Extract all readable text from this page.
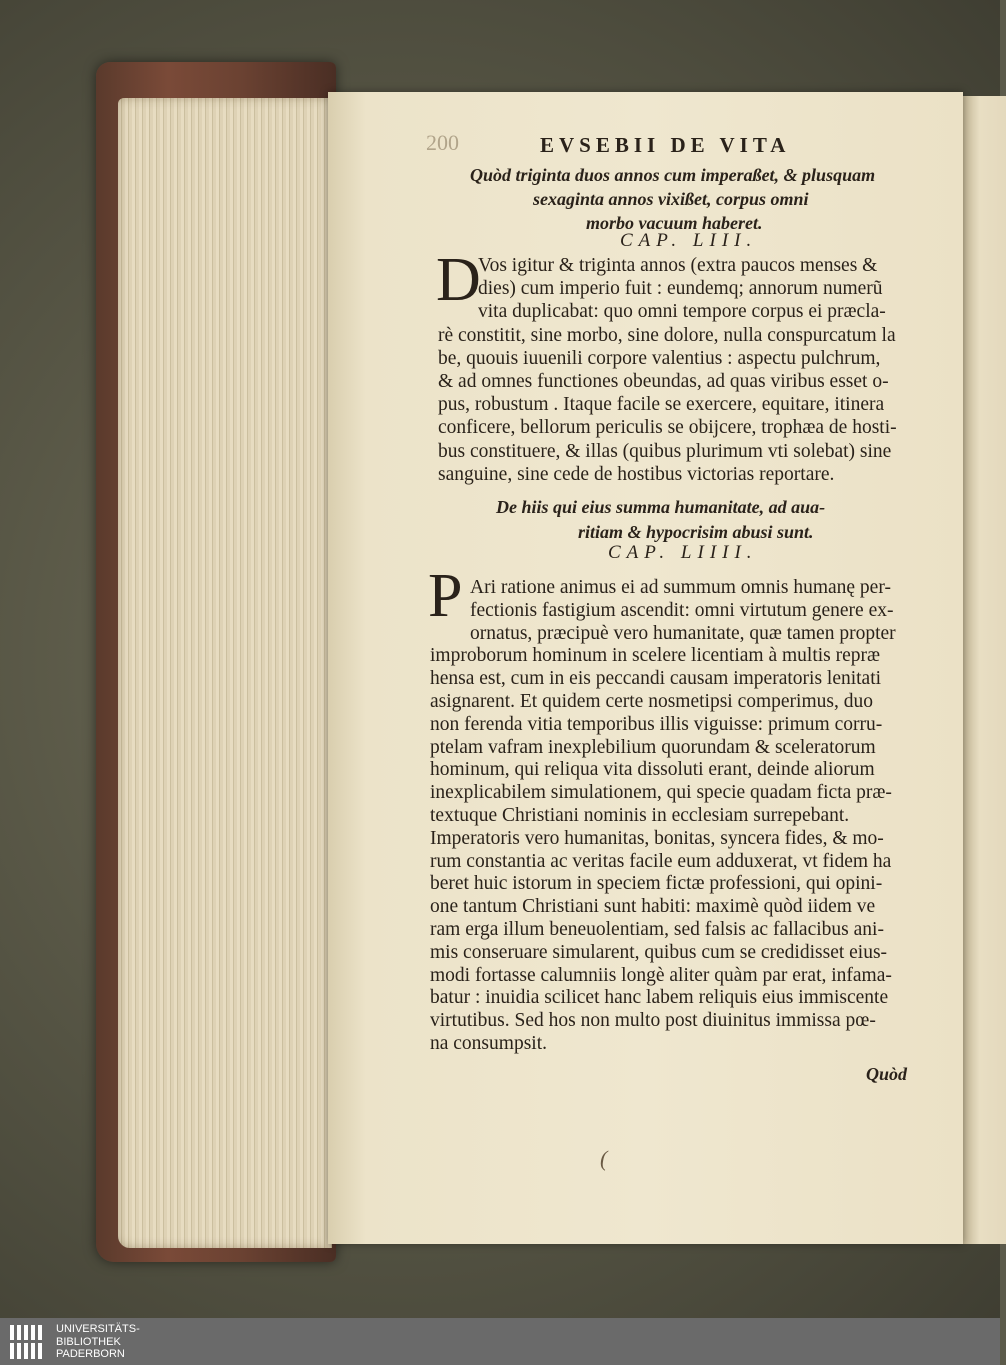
200	EVSEBII DE VITA
Quòd triginta duos annos cum imperaßet, & plusquam
sexaginta annos vixißet, corpus omni
morbo vacuum haberet.
CAP. LIII.
D
Vos igitur & triginta annos (extra paucos menses &
dies) cum imperio fuit : eundemq; annorum numerũ
vita duplicabat: quo omni tempore corpus ei præcla-
rè constitit, sine morbo, sine dolore, nulla conspurcatum la
be, quouis iuuenili corpore valentius : aspectu pulchrum,
& ad omnes functiones obeundas, ad quas viribus esset o-
pus, robustum . Itaque facile se exercere, equitare, itinera
conficere, bellorum periculis se obijcere, trophæa de hosti-
bus constituere, & illas (quibus plurimum vti solebat) sine
sanguine, sine cede de hostibus victorias reportare.
De hiis qui eius summa humanitate, ad aua-
ritiam & hypocrisim abusi sunt.
CAP. LIIII.
P Ari ratione animus ei ad summum omnis humanę per-
fectionis fastigium ascendit: omni virtutum genere ex-
ornatus, præcipuè vero humanitate, quæ tamen propter
improborum hominum in scelere licentiam à multis repræ
hensa est, cum in eis peccandi causam imperatoris lenitati
asignarent. Et quidem certe nosmetipsi comperimus, duo
non ferenda vitia temporibus illis viguisse: primum corru-
ptelam vafram inexplebilium quorundam & sceleratorum
hominum, qui reliqua vita dissoluti erant, deinde aliorum
inexplicabilem simulationem, qui specie quadam ficta præ-
textuque Christiani nominis in ecclesiam surrepebant.
Imperatoris vero humanitas, bonitas, syncera fides, & mo-
rum constantia ac veritas facile eum adduxerat, vt fidem ha
beret huic istorum in speciem fictæ professioni, qui opini-
one tantum Christiani sunt habiti: maximè quòd iidem ve
ram erga illum beneuolentiam, sed falsis ac fallacibus ani-
mis conseruare simularent, quibus cum se credidisset eius-
modi fortasse calumniis longè aliter quàm par erat, infama-
batur : inuidia scilicet hanc labem reliquis eius immiscente
virtutibus. Sed hos non multo post diuinitus immissa pœ-
na consumpsit.
Quòd
(
UNIVERSITÄTS-
BIBLIOTHEK
PADERBORN
